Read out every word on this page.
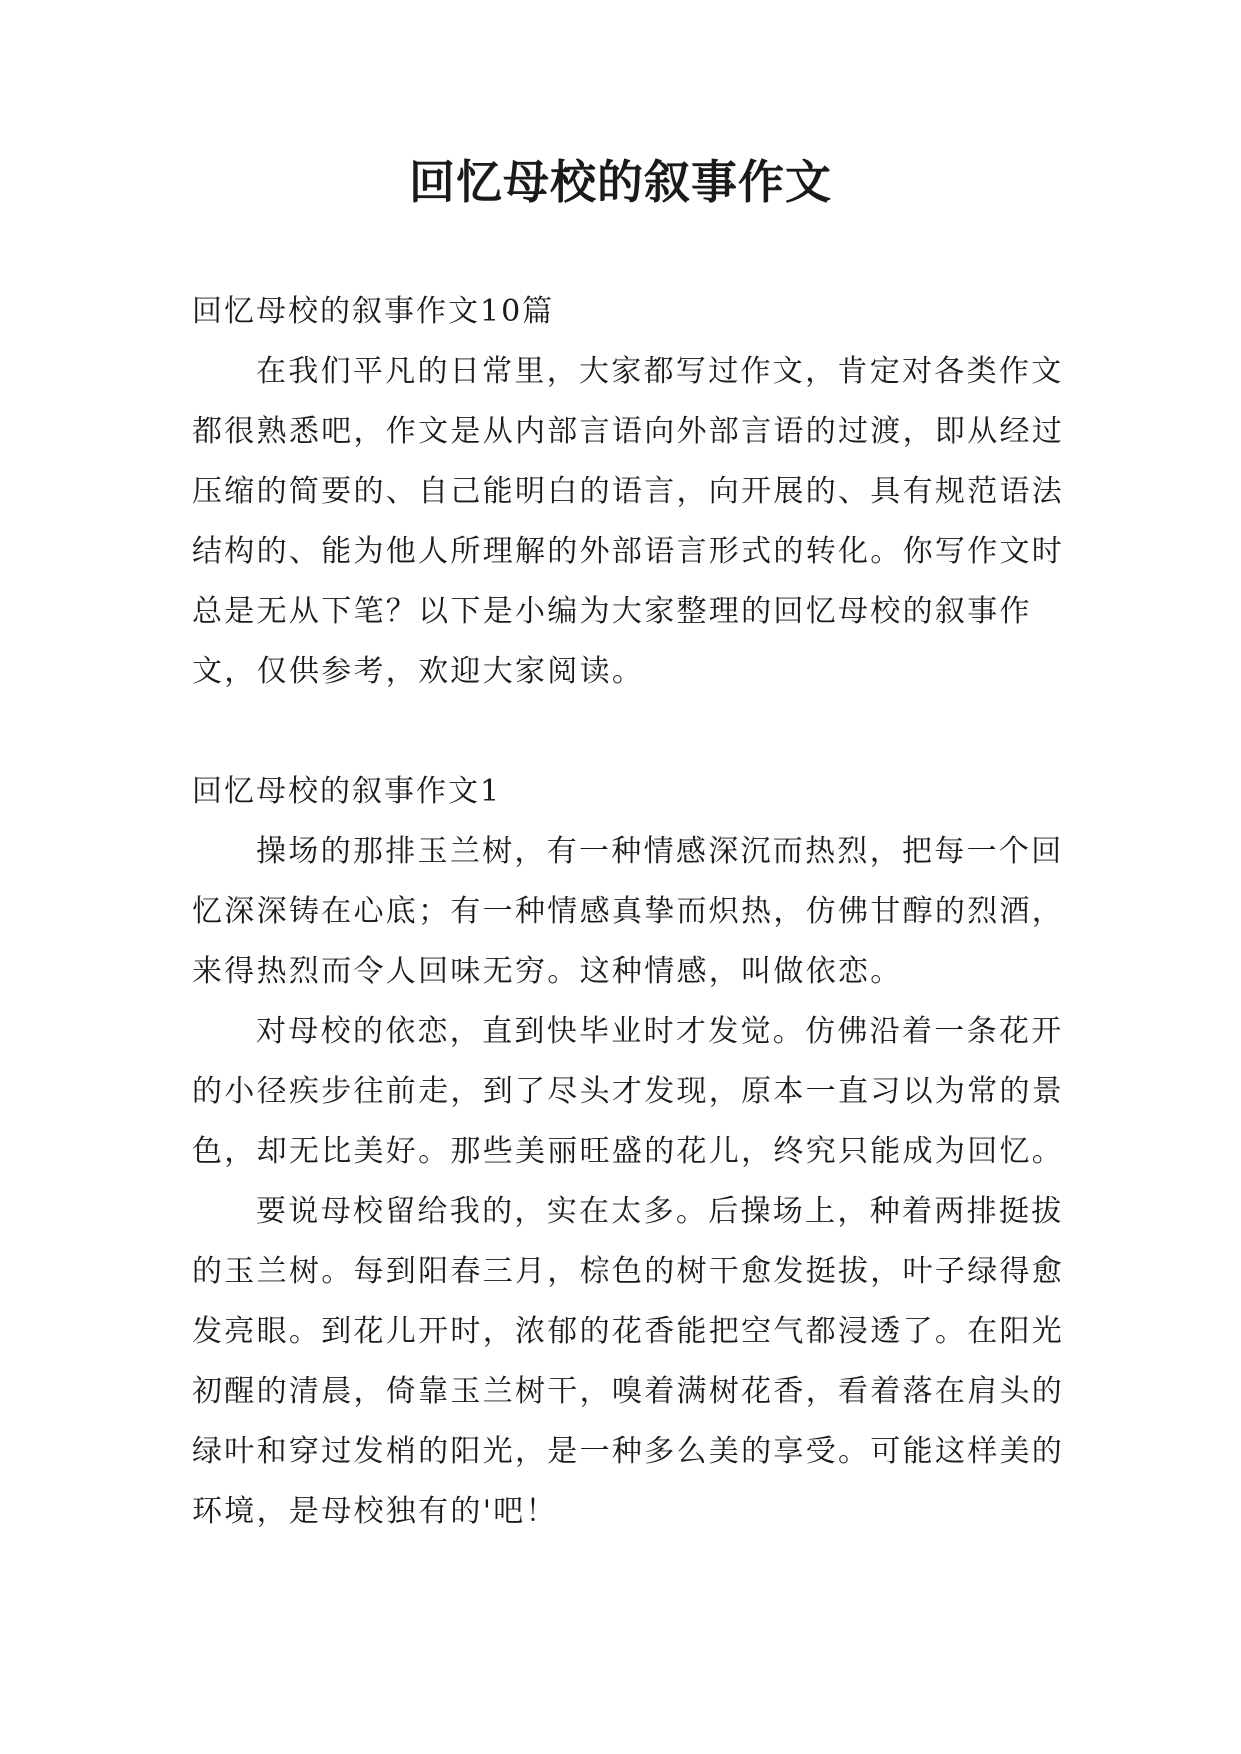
回忆母校的叙事作文

回忆母校的叙事作文10篇

在我们平凡的日常里，大家都写过作文，肯定对各类作文都很熟悉吧，作文是从内部言语向外部言语的过渡，即从经过压缩的简要的、自己能明白的语言，向开展的、具有规范语法结构的、能为他人所理解的外部语言形式的转化。你写作文时总是无从下笔？以下是小编为大家整理的回忆母校的叙事作文，仅供参考，欢迎大家阅读。

回忆母校的叙事作文1

操场的那排玉兰树，有一种情感深沉而热烈，把每一个回忆深深铸在心底；有一种情感真挚而炽热，仿佛甘醇的烈酒，来得热烈而令人回味无穷。这种情感，叫做依恋。

对母校的依恋，直到快毕业时才发觉。仿佛沿着一条花开的小径疾步往前走，到了尽头才发现，原本一直习以为常的景色，却无比美好。那些美丽旺盛的花儿，终究只能成为回忆。

要说母校留给我的，实在太多。后操场上，种着两排挺拔的玉兰树。每到阳春三月，棕色的树干愈发挺拔，叶子绿得愈发亮眼。到花儿开时，浓郁的花香能把空气都浸透了。在阳光初醒的清晨，倚靠玉兰树干，嗅着满树花香，看着落在肩头的绿叶和穿过发梢的阳光，是一种多么美的享受。可能这样美的环境，是母校独有的'吧！
